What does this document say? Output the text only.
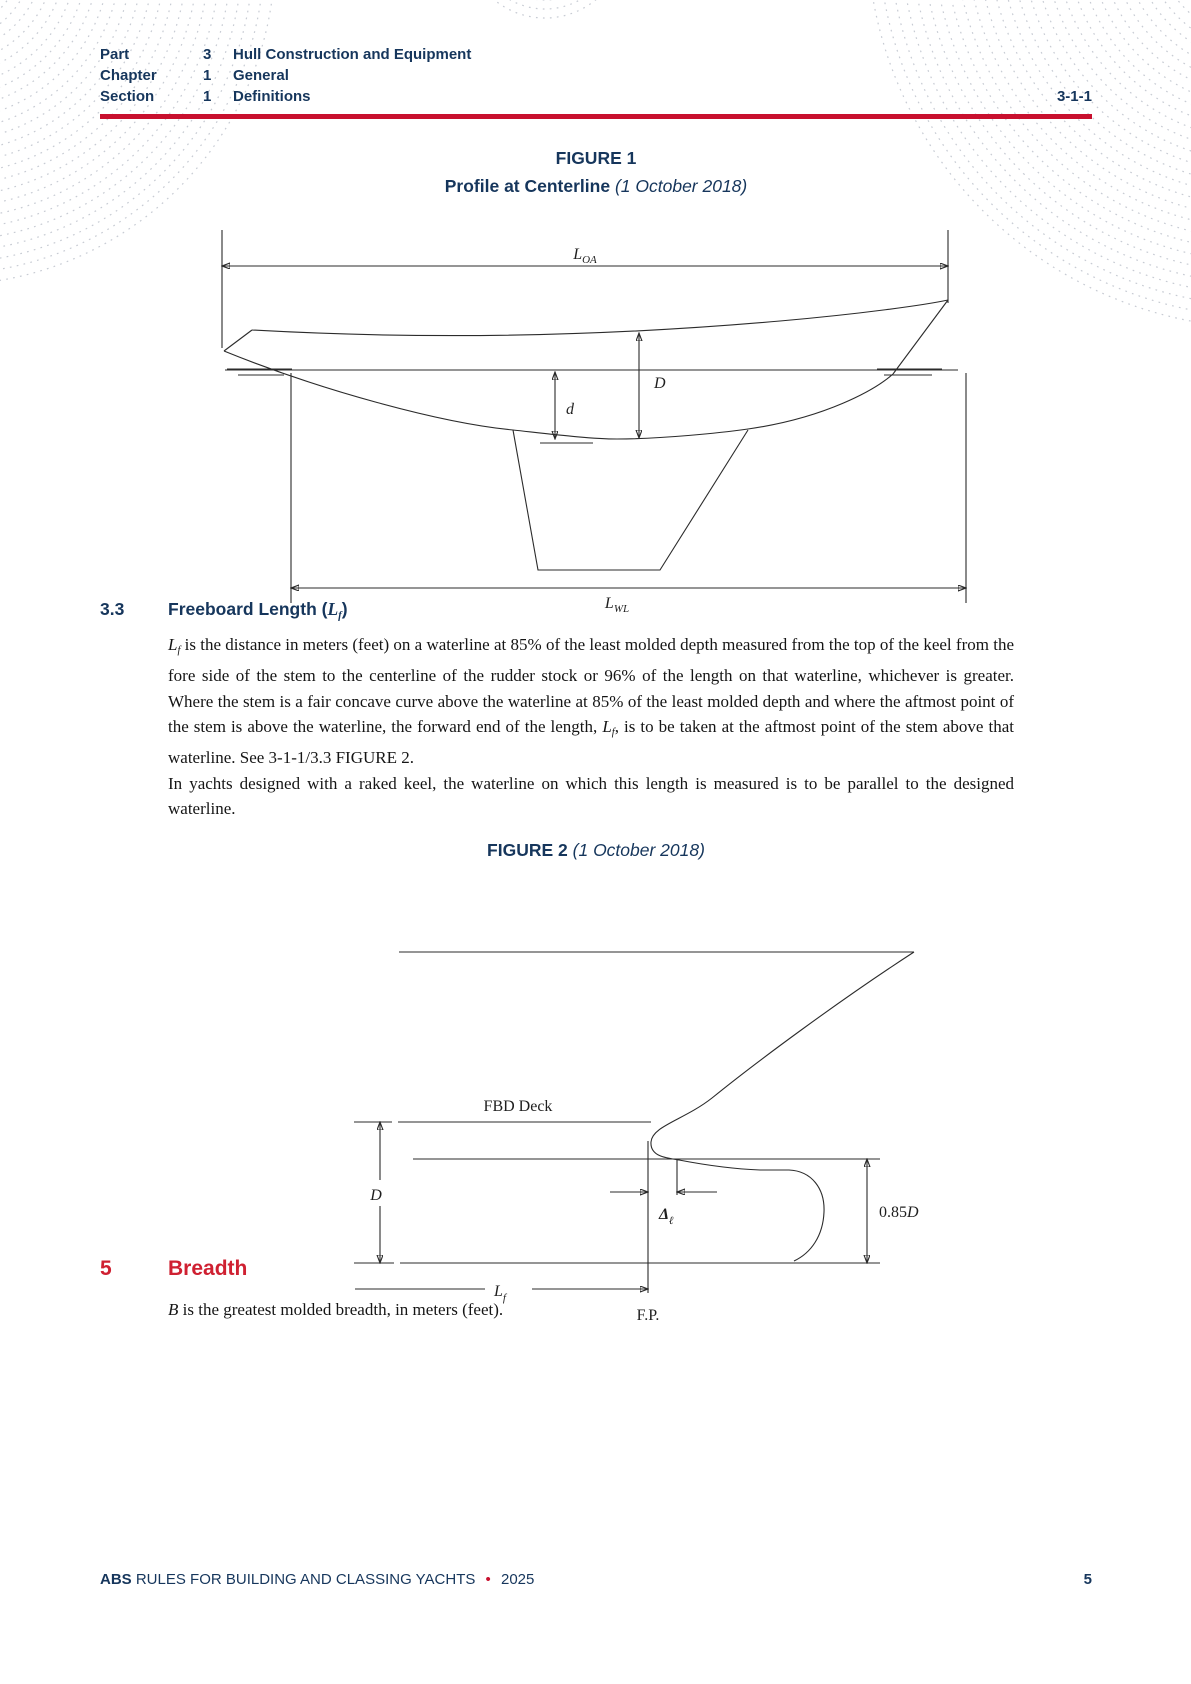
Part	3	Hull Construction and Equipment
Chapter	1	General
Section	1	Definitions	3-1-1
FIGURE 1
Profile at Centerline (1 October 2018)
$L_{OA}$
d
D
$L_{WL}$
3.3	Freeboard Length $(L_f)$
$L_f$ is the distance in meters (feet) on a waterline at 85% of the least molded depth measured from the top of the keel from the fore side of the stem to the centerline of the rudder stock or 96% of the length on that waterline, whichever is greater. Where the stem is a fair concave curve above the waterline at 85% of the least molded depth and where the aftmost point of the stem is above the waterline, the forward end of the length, $L_f$, is to be taken at the aftmost point of the stem above that waterline. See 3-1-1/3.3 FIGURE 2.
In yachts designed with a raked keel, the waterline on which this length is measured is to be parallel to the designed waterline.
FIGURE 2 (1 October 2018)
FBD Deck
D
$\Delta_\ell$	0.85D
$L_f$
F.P.
5	Breadth
B is the greatest molded breadth, in meters (feet).
ABS RULES FOR BUILDING AND CLASSING YACHTS • 2025	5
